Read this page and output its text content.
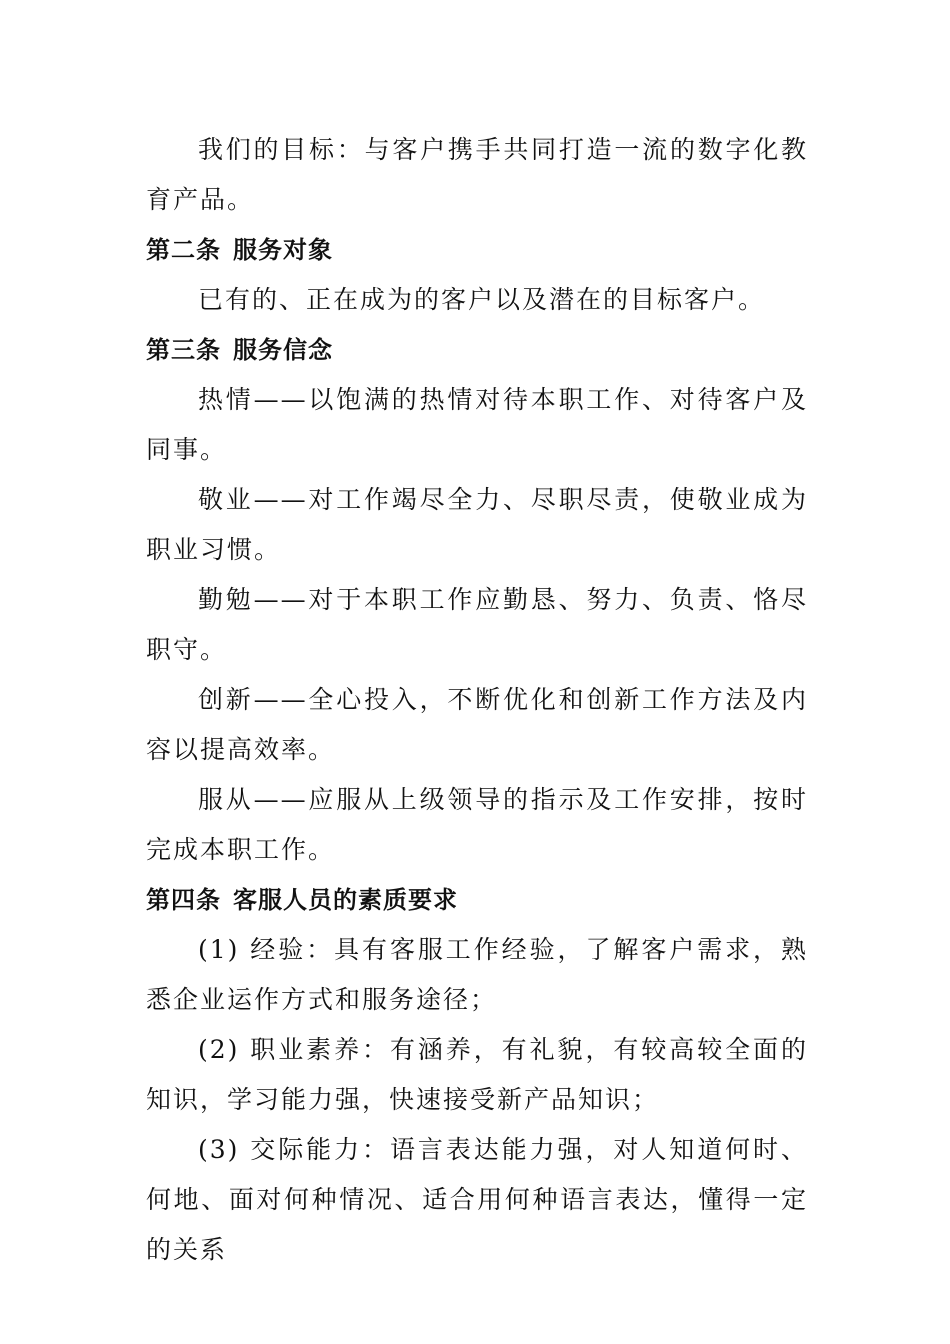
我们的目标：与客户携手共同打造一流的数字化教育产品。

第二条 服务对象

已有的、正在成为的客户以及潜在的目标客户。

第三条 服务信念

热情——以饱满的热情对待本职工作、对待客户及同事。

敬业——对工作竭尽全力、尽职尽责，使敬业成为职业习惯。

勤勉——对于本职工作应勤恳、努力、负责、恪尽职守。

创新——全心投入，不断优化和创新工作方法及内容以提高效率。

服从——应服从上级领导的指示及工作安排，按时完成本职工作。

第四条 客服人员的素质要求

(1) 经验：具有客服工作经验，了解客户需求，熟悉企业运作方式和服务途径；

(2) 职业素养：有涵养，有礼貌，有较高较全面的知识，学习能力强，快速接受新产品知识；

(3) 交际能力：语言表达能力强，对人知道何时、何地、面对何种情况、适合用何种语言表达，懂得一定的关系
